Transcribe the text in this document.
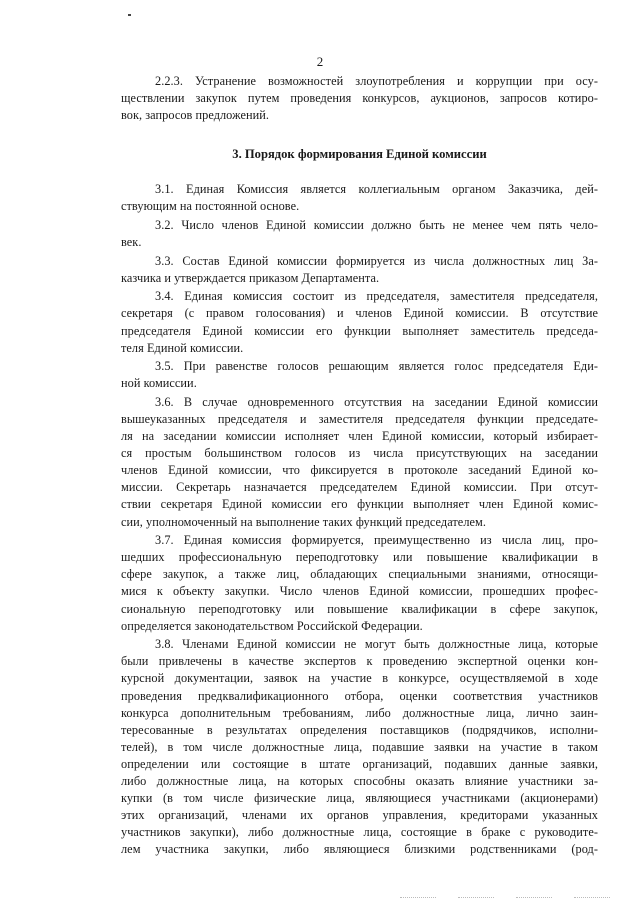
2

2.2.3. Устранение возможностей злоупотребления и коррупции при осу-
ществлении закупок путем проведения конкурсов, аукционов, запросов котиро-
вок, запросов предложений.

3. Порядок формирования Единой комиссии

3.1. Единая Комиссия является коллегиальным органом Заказчика, дей-
ствующим на постоянной основе.

3.2. Число членов Единой комиссии должно быть не менее чем пять чело-
век.

3.3. Состав Единой комиссии формируется из числа должностных лиц За-
казчика и утверждается приказом Департамента.

3.4. Единая комиссия состоит из председателя, заместителя председателя,
секретаря (с правом голосования) и членов Единой комиссии. В отсутствие
председателя Единой комиссии его функции выполняет заместитель председа-
теля Единой комиссии.

3.5. При равенстве голосов решающим является голос председателя Еди-
ной комиссии.

3.6. В случае одновременного отсутствия на заседании Единой комиссии
вышеуказанных председателя и заместителя председателя функции председате-
ля на заседании комиссии исполняет член Единой комиссии, который избирает-
ся простым большинством голосов из числа присутствующих на заседании
членов Единой комиссии, что фиксируется в протоколе заседаний Единой ко-
миссии. Секретарь назначается председателем Единой комиссии. При отсут-
ствии секретаря Единой комиссии его функции выполняет член Единой комис-
сии, уполномоченный на выполнение таких функций председателем.

3.7. Единая комиссия формируется, преимущественно из числа лиц, про-
шедших профессиональную переподготовку или повышение квалификации в
сфере закупок, а также лиц, обладающих специальными знаниями, относящи-
мися к объекту закупки. Число членов Единой комиссии, прошедших профес-
сиональную переподготовку или повышение квалификации в сфере закупок,
определяется законодательством Российской Федерации.

3.8. Членами Единой комиссии не могут быть должностные лица, которые
были привлечены в качестве экспертов к проведению экспертной оценки кон-
курсной документации, заявок на участие в конкурсе, осуществляемой в ходе
проведения предквалификационного отбора, оценки соответствия участников
конкурса дополнительным требованиям, либо должностные лица, лично заин-
тересованные в результатах определения поставщиков (подрядчиков, исполни-
телей), в том числе должностные лица, подавшие заявки на участие в таком
определении или состоящие в штате организаций, подавших данные заявки,
либо должностные лица, на которых способны оказать влияние участники за-
купки (в том числе физические лица, являющиеся участниками (акционерами)
этих организаций, членами их органов управления, кредиторами указанных
участников закупки), либо должностные лица, состоящие в браке с руководите-
лем участника закупки, либо являющиеся близкими родственниками (род-
